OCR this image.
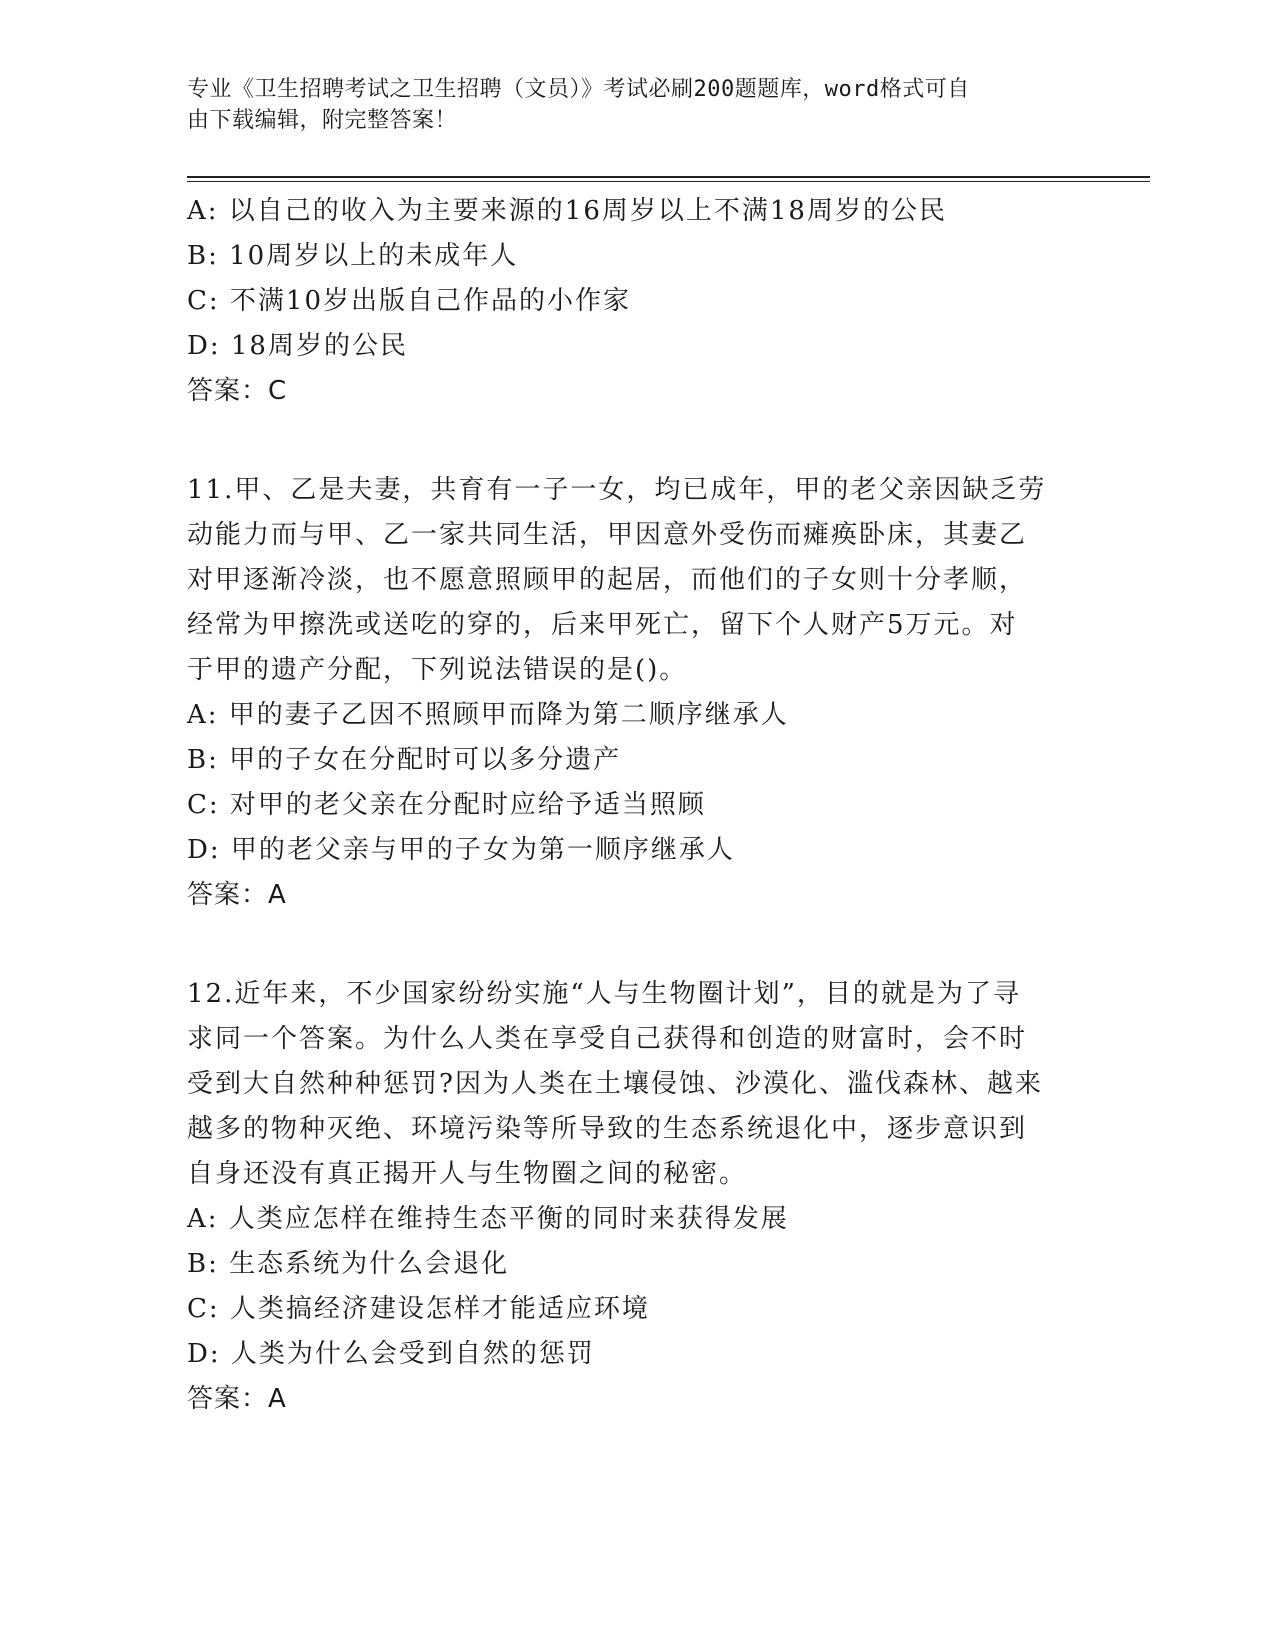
专业《卫生招聘考试之卫生招聘（文员）》考试必刷200题题库，word格式可自
由下载编辑，附完整答案！
A: 以自己的收入为主要来源的16周岁以上不满18周岁的公民
B: 10周岁以上的未成年人
C: 不满10岁出版自己作品的小作家
D: 18周岁的公民
答案：C
11.甲、乙是夫妻，共育有一子一女，均已成年，甲的老父亲因缺乏劳
动能力而与甲、乙一家共同生活，甲因意外受伤而瘫痪卧床，其妻乙
对甲逐渐冷淡，也不愿意照顾甲的起居，而他们的子女则十分孝顺，
经常为甲擦洗或送吃的穿的，后来甲死亡，留下个人财产5万元。对
于甲的遗产分配，下列说法错误的是()。
A: 甲的妻子乙因不照顾甲而降为第二顺序继承人
B: 甲的子女在分配时可以多分遗产
C: 对甲的老父亲在分配时应给予适当照顾
D: 甲的老父亲与甲的子女为第一顺序继承人
答案：A
12.近年来，不少国家纷纷实施“人与生物圈计划”，目的就是为了寻
求同一个答案。为什么人类在享受自己获得和创造的财富时，会不时
受到大自然种种惩罚?因为人类在土壤侵蚀、沙漠化、滥伐森林、越来
越多的物种灭绝、环境污染等所导致的生态系统退化中，逐步意识到
自身还没有真正揭开人与生物圈之间的秘密。
A: 人类应怎样在维持生态平衡的同时来获得发展
B: 生态系统为什么会退化
C: 人类搞经济建设怎样才能适应环境
D: 人类为什么会受到自然的惩罚
答案：A
